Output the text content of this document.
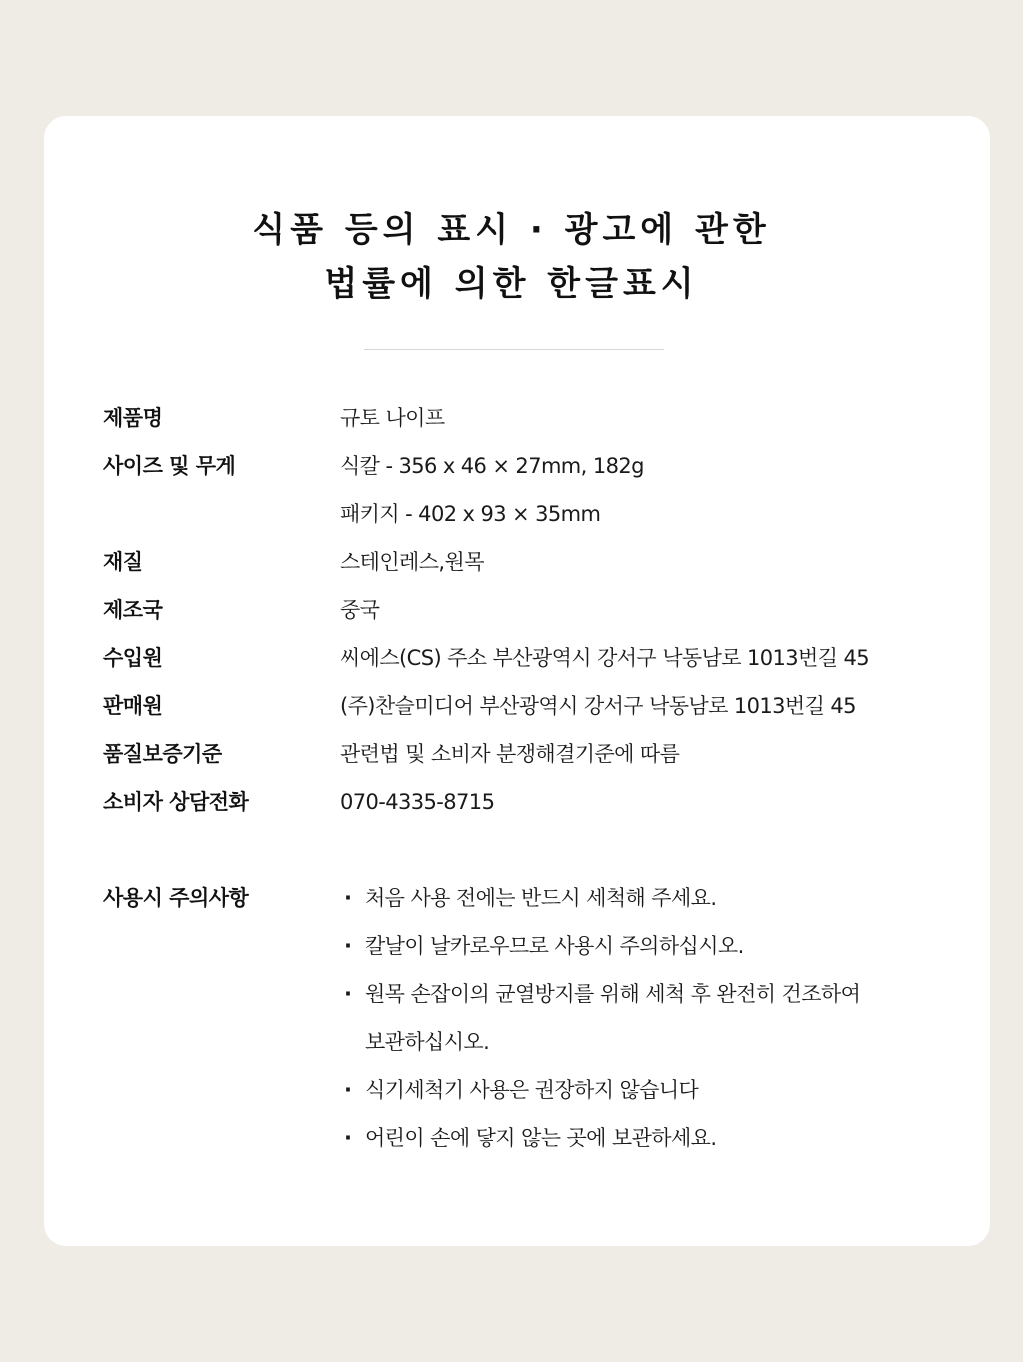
식품 등의 표시 · 광고에 관한
법률에 의한 한글표시
제품명	규토 나이프
사이즈 및 무게	식칼 - 356 x 46 × 27mm, 182g
패키지 - 402 x 93 × 35mm
재질	스테인레스,원목
제조국	중국
수입원	씨에스(CS) 주소 부산광역시 강서구 낙동남로 1013번길 45
판매원	(주)찬슬미디어 부산광역시 강서구 낙동남로 1013번길 45
품질보증기준	관련법 및 소비자 분쟁해결기준에 따름
소비자 상담전화	070-4335-8715
사용시 주의사항	· 처음 사용 전에는 반드시 세척해 주세요.
· 칼날이 날카로우므로 사용시 주의하십시오.
· 원목 손잡이의 균열방지를 위해 세척 후 완전히 건조하여
보관하십시오.
· 식기세척기 사용은 권장하지 않습니다
· 어린이 손에 닿지 않는 곳에 보관하세요.
